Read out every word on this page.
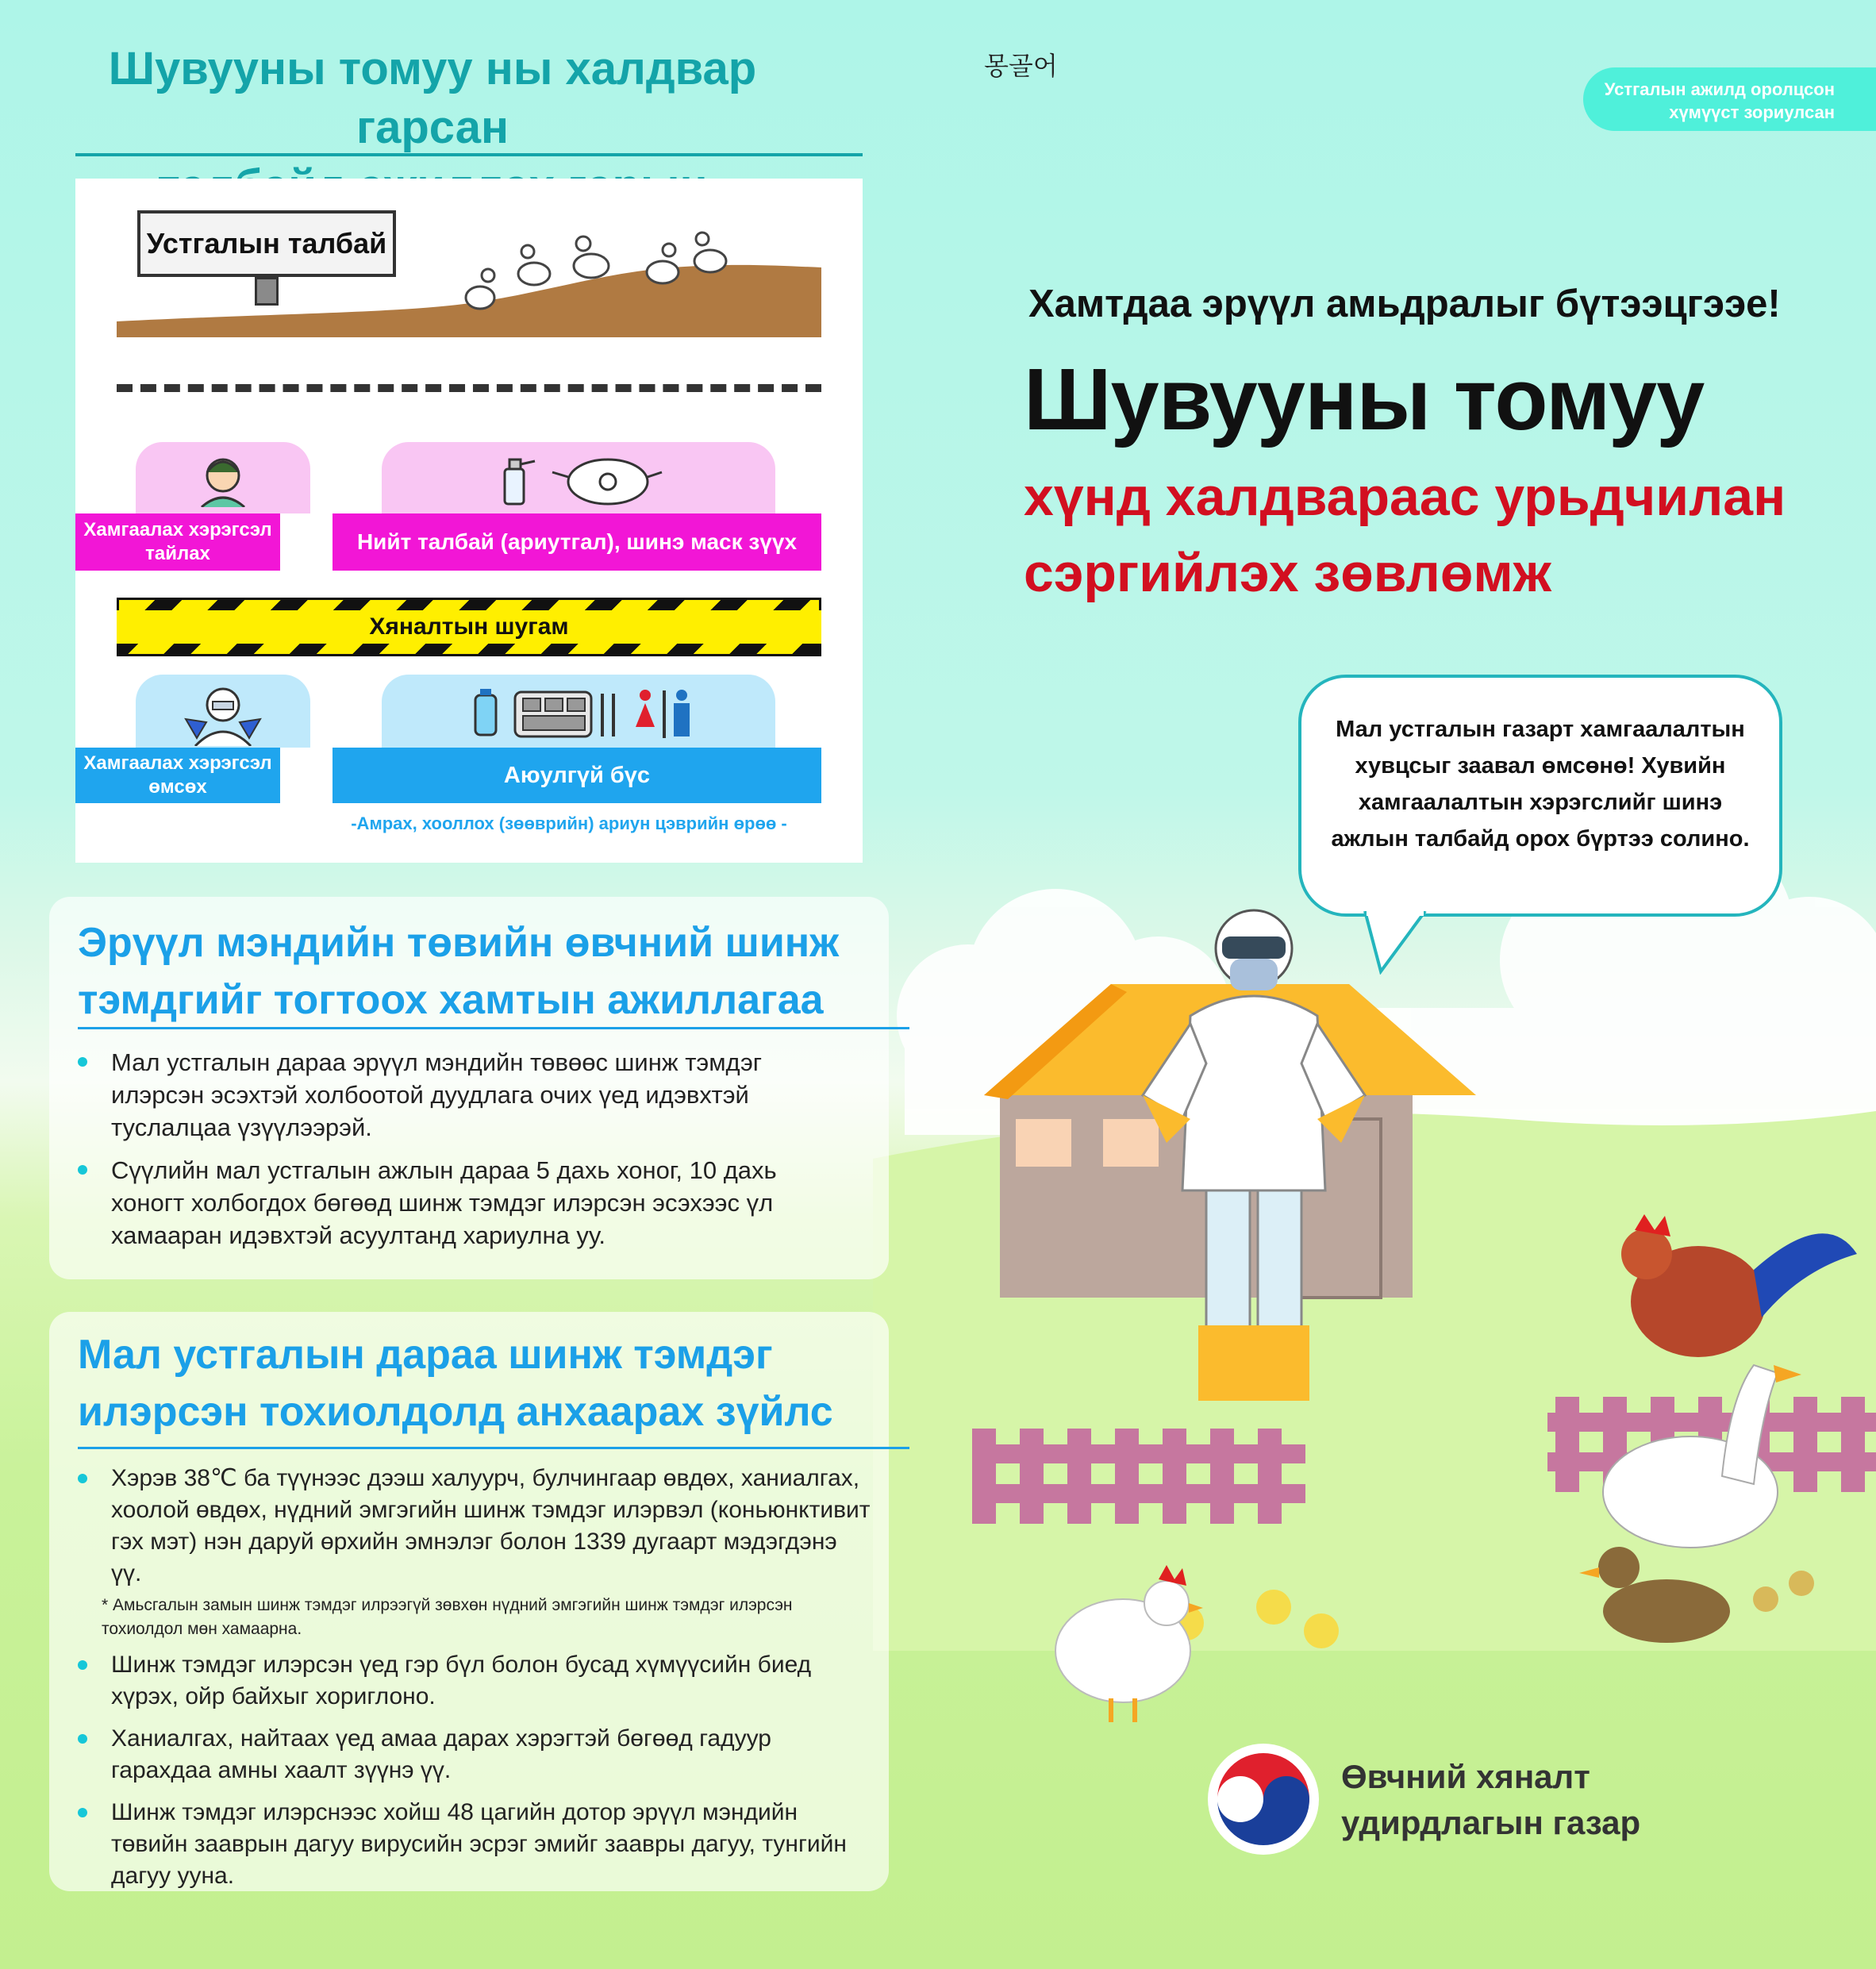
Шувууны томуу ны халдвар гарсан
Устгалын талбай
Хамгаалах хэрэгсэл тайлах	Нийт талбай (ариутгал), шинэ маск зүүх
Хяналтын шугам
Хамгаалах хэрэгсэл өмсөх	Аюулгүй бүс
-Амрах, хооллох (зөөврийн) ариун цэврийн өрөө -
몽골어
Устгалын ажилд оролцсон
хүмүүст зориулсан
Хамтдаа эрүүл амьдралыг бүтээцгээе!
Шувууны томуу
хүнд халдвараас урьдчилан
сэргийлэх зөвлөмж
Мал устгалын газарт хамгаалалтын хувцсыг заавал өмсөнө! Хувийн хамгаалалтын хэрэгслийг шинэ ажлын талбайд орох бүртээ солино.
Эрүүл мэндийн төвийн өвчний шинж
тэмдгийг тогтоох хамтын ажиллагаа
Мал устгалын дараа эрүүл мэндийн төвөөс шинж тэмдэг илэрсэн эсэхтэй холбоотой дуудлага очих үед идэвхтэй туслалцаа үзүүлээрэй.
Сүүлийн мал устгалын ажлын дараа 5 дахь хоног, 10 дахь хоногт холбогдох бөгөөд шинж тэмдэг илэрсэн эсэхээс үл хамааран идэвхтэй асуултанд хариулна уу.
Мал устгалын дараа шинж тэмдэг
илэрсэн тохиолдолд анхаарах зүйлс
Хэрэв 38℃ ба түүнээс дээш халуурч, булчингаар өвдөх, ханиалгах, хоолой өвдөх, нүдний эмгэгийн шинж тэмдэг илэрвэл (коньюнктивит гэх мэт) нэн даруй өрхийн эмнэлэг болон 1339 дугаарт мэдэгдэнэ үү.
* Амьсгалын замын шинж тэмдэг илрээгүй зөвхөн нүдний эмгэгийн шинж тэмдэг илэрсэн тохиолдол мөн хамаарна.
Шинж тэмдэг илэрсэн үед гэр бүл болон бусад хүмүүсийн биед хүрэх, ойр байхыг хориглоно.
Ханиалгах, найтаах үед амаа дарах хэрэгтэй бөгөөд гадуур гарахдаа амны хаалт зүүнэ үү.
Шинж тэмдэг илэрснээс хойш 48 цагийн дотор эрүүл мэндийн төвийн зааврын дагуу вирусийн эсрэг эмийг заавры дагуу, тунгийн дагуу ууна.
Өвчний хяналт
удирдлагын газар
